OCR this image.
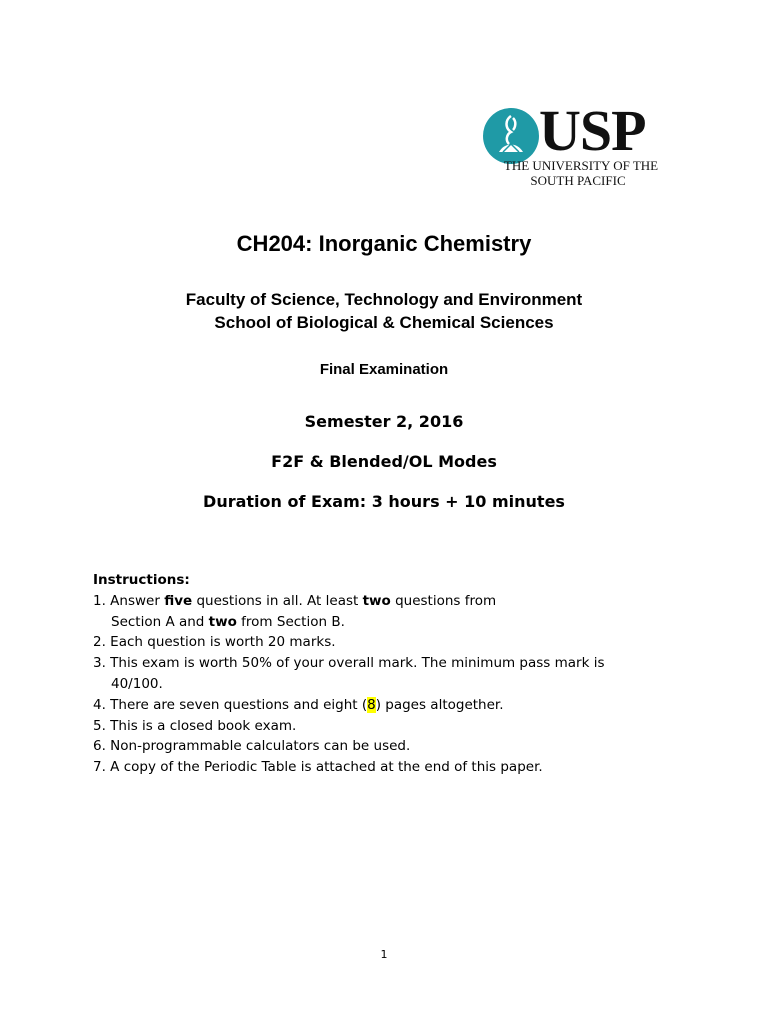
USP
THE UNIVERSITY OF THE
SOUTH PACIFIC
CH204: Inorganic Chemistry
Faculty of Science, Technology and Environment
School of Biological & Chemical Sciences
Final Examination
Semester 2, 2016
F2F & Blended/OL Modes
Duration of Exam: 3 hours + 10 minutes
Instructions:
1. Answer five questions in all. At least two questions from
Section A and two from Section B.
2. Each question is worth 20 marks.
3. This exam is worth 50% of your overall mark. The minimum pass mark is
40/100.
4. There are seven questions and eight (8) pages altogether.
5. This is a closed book exam.
6. Non-programmable calculators can be used.
7. A copy of the Periodic Table is attached at the end of this paper.
1
